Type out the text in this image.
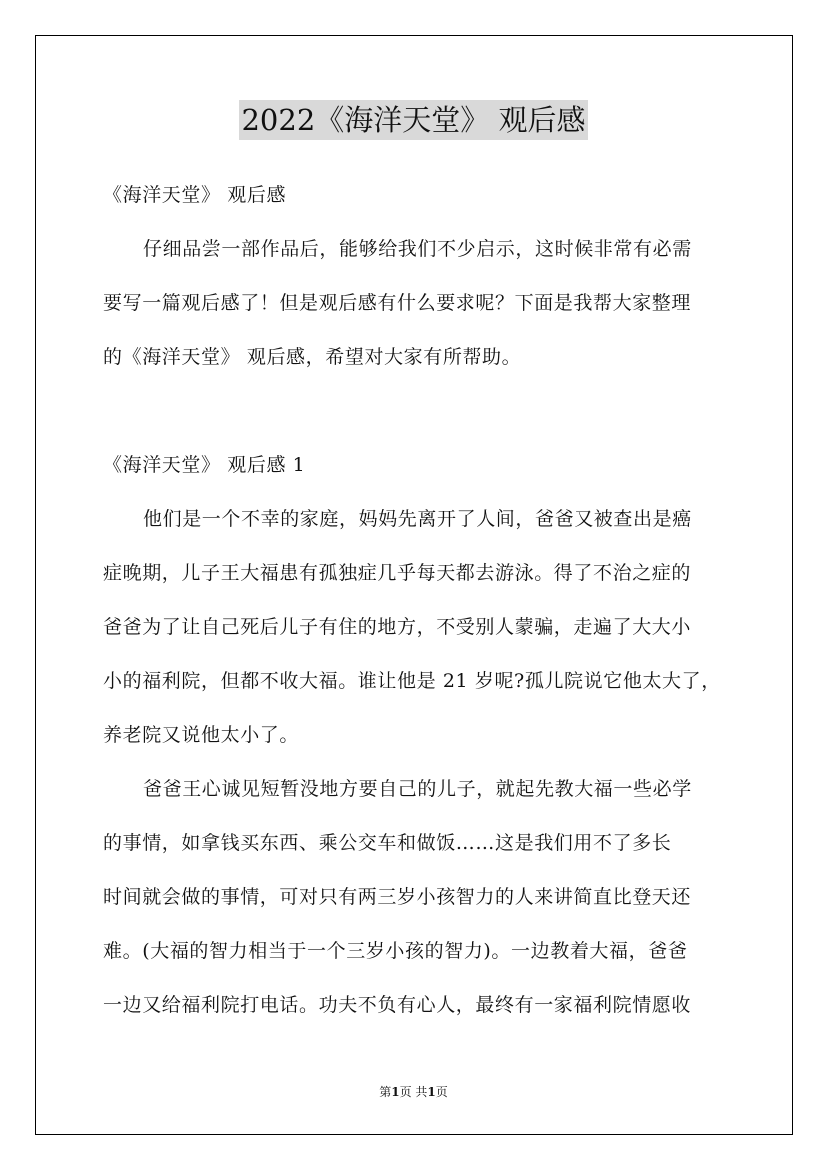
2022《海洋天堂》 观后感
《海洋天堂》 观后感
仔细品尝一部作品后，能够给我们不少启示，这时候非常有必需
要写一篇观后感了！但是观后感有什么要求呢？下面是我帮大家整理
的《海洋天堂》 观后感，希望对大家有所帮助。
《海洋天堂》 观后感 1
他们是一个不幸的家庭，妈妈先离开了人间，爸爸又被查出是癌
症晚期，儿子王大福患有孤独症几乎每天都去游泳。得了不治之症的
爸爸为了让自己死后儿子有住的地方，不受别人蒙骗，走遍了大大小
小的福利院，但都不收大福。谁让他是 21 岁呢?孤儿院说它他太大了，
养老院又说他太小了。
爸爸王心诚见短暂没地方要自己的儿子，就起先教大福一些必学
的事情，如拿钱买东西、乘公交车和做饭……这是我们用不了多长
时间就会做的事情，可对只有两三岁小孩智力的人来讲简直比登天还
难。(大福的智力相当于一个三岁小孩的智力)。一边教着大福，爸爸
一边又给福利院打电话。功夫不负有心人，最终有一家福利院情愿收
第1页 共1页
